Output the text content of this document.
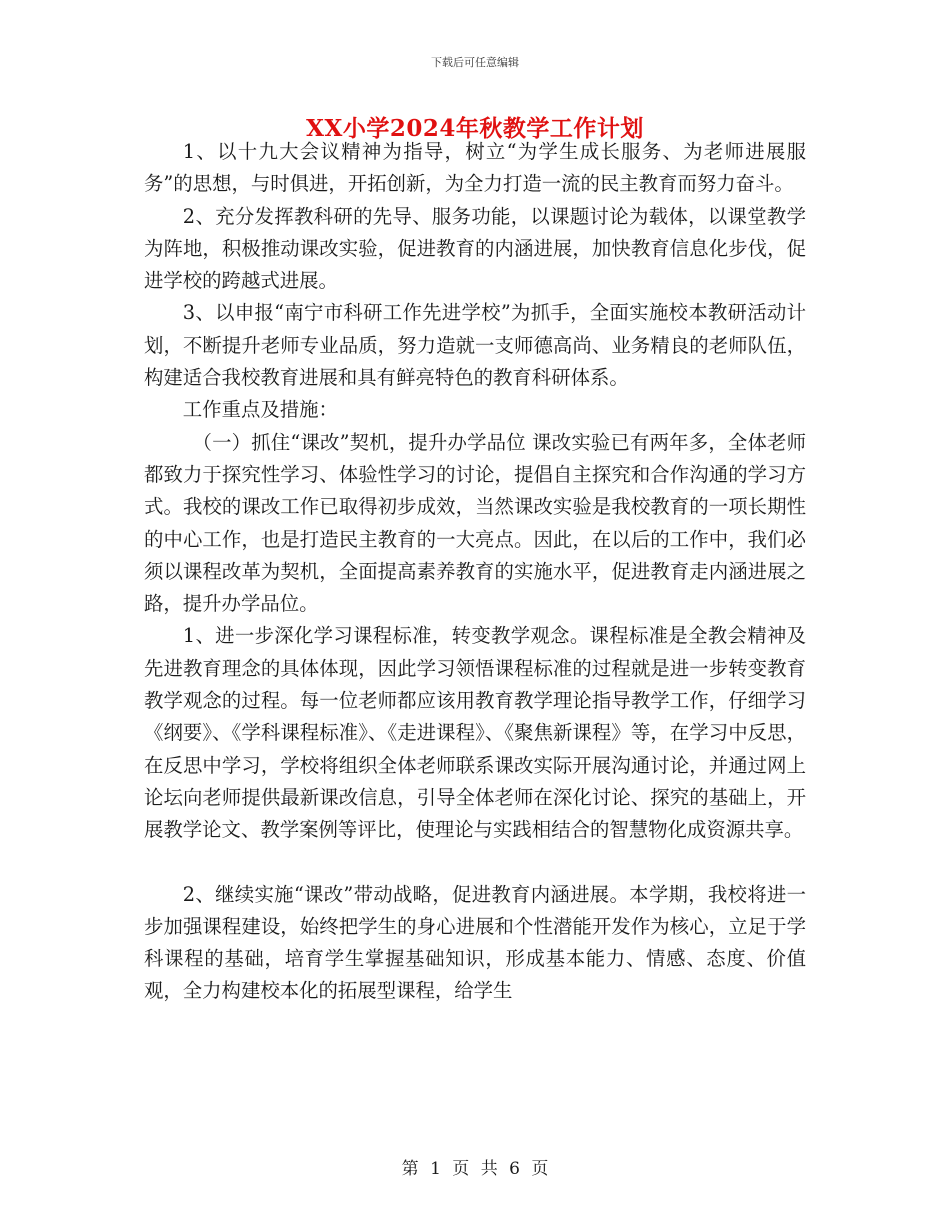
下载后可任意编辑
XX小学2024年秋教学工作计划

1、以十九大会议精神为指导，树立“为学生成长服务、为老师进展服务”的思想，与时俱进，开拓创新，为全力打造一流的民主教育而努力奋斗。

2、充分发挥教科研的先导、服务功能，以课题讨论为载体，以课堂教学为阵地，积极推动课改实验，促进教育的内涵进展，加快教育信息化步伐，促进学校的跨越式进展。

3、以申报“南宁市科研工作先进学校”为抓手，全面实施校本教研活动计划，不断提升老师专业品质，努力造就一支师德高尚、业务精良的老师队伍，构建适合我校教育进展和具有鲜亮特色的教育科研体系。

工作重点及措施：

（一）抓住“课改”契机，提升办学品位 课改实验已有两年多，全体老师都致力于探究性学习、体验性学习的讨论，提倡自主探究和合作沟通的学习方式。我校的课改工作已取得初步成效，当然课改实验是我校教育的一项长期性的中心工作，也是打造民主教育的一大亮点。因此，在以后的工作中，我们必须以课程改革为契机，全面提高素养教育的实施水平，促进教育走内涵进展之路，提升办学品位。

1、进一步深化学习课程标准，转变教学观念。课程标准是全教会精神及先进教育理念的具体体现，因此学习领悟课程标准的过程就是进一步转变教育教学观念的过程。每一位老师都应该用教育教学理论指导教学工作，仔细学习《纲要》、《学科课程标准》、《走进课程》、《聚焦新课程》等，在学习中反思，在反思中学习，学校将组织全体老师联系课改实际开展沟通讨论，并通过网上论坛向老师提供最新课改信息，引导全体老师在深化讨论、探究的基础上，开展教学论文、教学案例等评比，使理论与实践相结合的智慧物化成资源共享。

2、继续实施“课改”带动战略，促进教育内涵进展。本学期，我校将进一步加强课程建设，始终把学生的身心进展和个性潜能开发作为核心，立足于学科课程的基础，培育学生掌握基础知识，形成基本能力、情感、态度、价值观，全力构建校本化的拓展型课程，给学生

第 1 页 共 6 页
